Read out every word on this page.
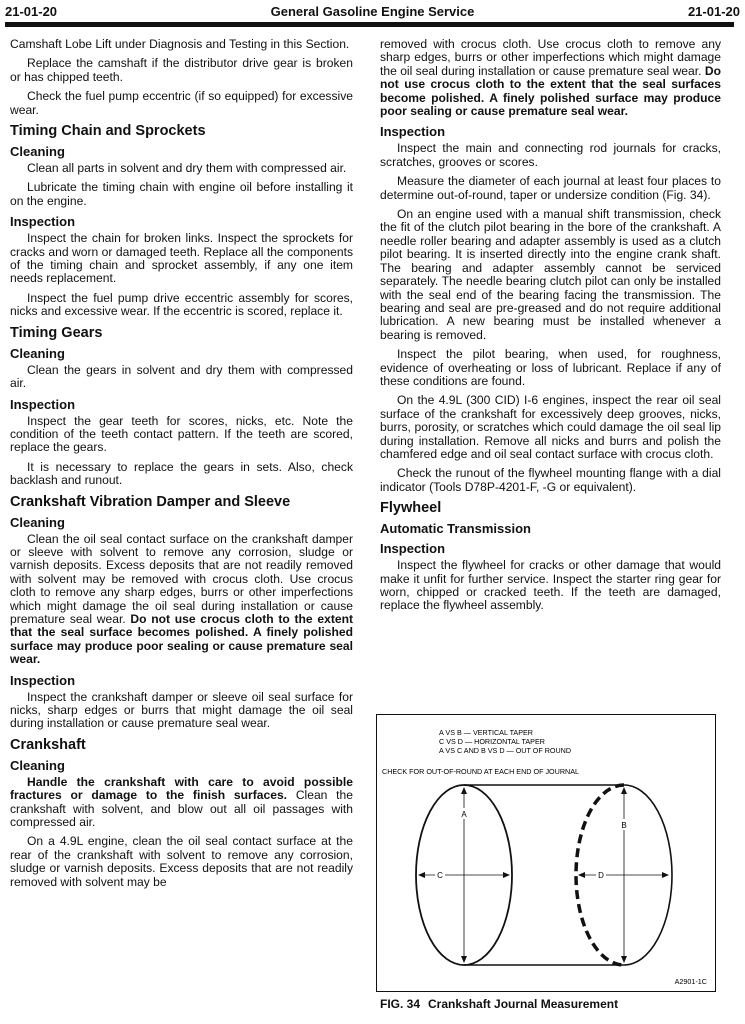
21-01-20	General Gasoline Engine Service	21-01-20

Camshaft Lobe Lift under Diagnosis and Testing in this Section.

Replace the camshaft if the distributor drive gear is broken or has chipped teeth.

Check the fuel pump eccentric (if so equipped) for excessive wear.

Timing Chain and Sprockets
Cleaning

Clean all parts in solvent and dry them with compressed air.

Lubricate the timing chain with engine oil before installing it on the engine.

Inspection

Inspect the chain for broken links. Inspect the sprockets for cracks and worn or damaged teeth. Replace all the components of the timing chain and sprocket assembly, if any one item needs replacement.

Inspect the fuel pump drive eccentric assembly for scores, nicks and excessive wear. If the eccentric is scored, replace it.

Timing Gears
Cleaning

Clean the gears in solvent and dry them with compressed air.

Inspection

Inspect the gear teeth for scores, nicks, etc. Note the condition of the teeth contact pattern. If the teeth are scored, replace the gears.

It is necessary to replace the gears in sets. Also, check backlash and runout.

Crankshaft Vibration Damper and Sleeve
Cleaning

Clean the oil seal contact surface on the crankshaft damper or sleeve with solvent to remove any corrosion, sludge or varnish deposits. Excess deposits that are not readily removed with solvent may be removed with crocus cloth. Use crocus cloth to remove any sharp edges, burrs or other imperfections which might damage the oil seal during installation or cause premature seal wear. Do not use crocus cloth to the extent that the seal surface becomes polished. A finely polished surface may produce poor sealing or cause premature seal wear.

Inspection

Inspect the crankshaft damper or sleeve oil seal surface for nicks, sharp edges or burrs that might damage the oil seal during installation or cause premature seal wear.

Crankshaft
Cleaning

Handle the crankshaft with care to avoid possible fractures or damage to the finish surfaces. Clean the crankshaft with solvent, and blow out all oil passages with compressed air.

On a 4.9L engine, clean the oil seal contact surface at the rear of the crankshaft with solvent to remove any corrosion, sludge or varnish deposits. Excess deposits that are not readily removed with solvent may be

removed with crocus cloth. Use crocus cloth to remove any sharp edges, burrs or other imperfections which might damage the oil seal during installation or cause premature seal wear. Do not use crocus cloth to the extent that the seal surfaces become polished. A finely polished surface may produce poor sealing or cause premature seal wear.

Inspection

Inspect the main and connecting rod journals for cracks, scratches, grooves or scores.

Measure the diameter of each journal at least four places to determine out-of-round, taper or undersize condition (Fig. 34).

On an engine used with a manual shift transmission, check the fit of the clutch pilot bearing in the bore of the crankshaft. A needle roller bearing and adapter assembly is used as a clutch pilot bearing. It is inserted directly into the engine crank shaft. The bearing and adapter assembly cannot be serviced separately. The needle bearing clutch pilot can only be installed with the seal end of the bearing facing the transmission. The bearing and seal are pre-greased and do not require additional lubrication. A new bearing must be installed whenever a bearing is removed.

Inspect the pilot bearing, when used, for roughness, evidence of overheating or loss of lubricant. Replace if any of these conditions are found.

On the 4.9L (300 CID) I-6 engines, inspect the rear oil seal surface of the crankshaft for excessively deep grooves, nicks, burrs, porosity, or scratches which could damage the oil seal lip during installation. Remove all nicks and burrs and polish the chamfered edge and oil seal contact surface with crocus cloth.

Check the runout of the flywheel mounting flange with a dial indicator (Tools D78P-4201-F, -G or equivalent).

Flywheel
Automatic Transmission
Inspection

Inspect the flywheel for cracks or other damage that would make it unfit for further service. Inspect the starter ring gear for worn, chipped or cracked teeth. If the teeth are damaged, replace the flywheel assembly.

A VS B — VERTICAL TAPER
C VS D — HORIZONTAL TAPER
A VS C AND B VS D — OUT OF ROUND
CHECK FOR OUT-OF-ROUND AT EACH END OF JOURNAL
A
B
C	D
A2901-1C
FIG. 34 Crankshaft Journal Measurement
